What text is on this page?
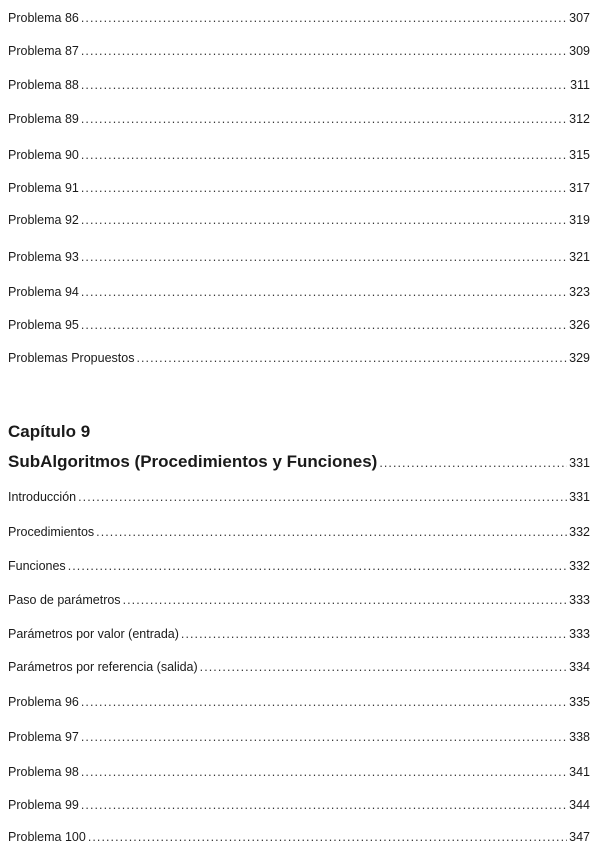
Problema 86 . . .	307
Problema 87 . . .	309
Problema 88 . . .	311
Problema 89 . . .	312
Problema 90 . . .	315
Problema 91 . . .	317
Problema 92 . . .	319
Problema 93 . . .	321
Problema 94 . . .	323
Problema 95 . . .	326
Problemas Propuestos . . .	329
Capítulo 9
SubAlgoritmos (Procedimientos y Funciones) . . .	331
Introducción . . .	331
Procedimientos . . .	332
Funciones . . .	332
Paso de parámetros . . .	333
Parámetros por valor (entrada) . . .	333
Parámetros por referencia (salida) . . .	334
Problema 96 . . .	335
Problema 97 . . .	338
Problema 98 . . .	341
Problema 99 . . .	344
Problema 100 . . .	347
